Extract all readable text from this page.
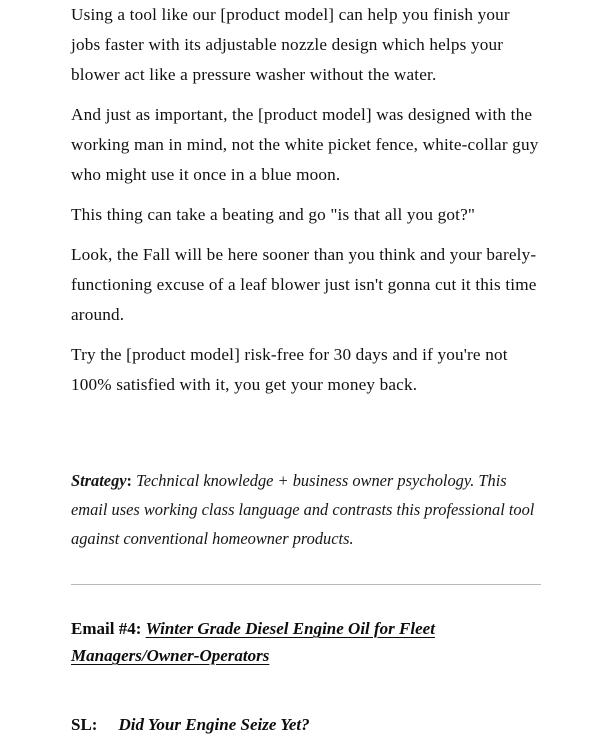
Using a tool like our [product model] can help you finish your jobs faster with its adjustable nozzle design which helps your blower act like a pressure washer without the water.

And just as important, the [product model] was designed with the working man in mind, not the white picket fence, white-collar guy who might use it once in a blue moon.

This thing can take a beating and go "is that all you got?"

Look, the Fall will be here sooner than you think and your barely-functioning excuse of a leaf blower just isn't gonna cut it this time around.

Try the [product model] risk-free for 30 days and if you're not 100% satisfied with it, you get your money back.

Strategy: Technical knowledge + business owner psychology. This email uses working class language and contrasts this professional tool against conventional homeowner products.

Email #4: Winter Grade Diesel Engine Oil for Fleet Managers/Owner-Operators

SL: Did Your Engine Seize Yet?
